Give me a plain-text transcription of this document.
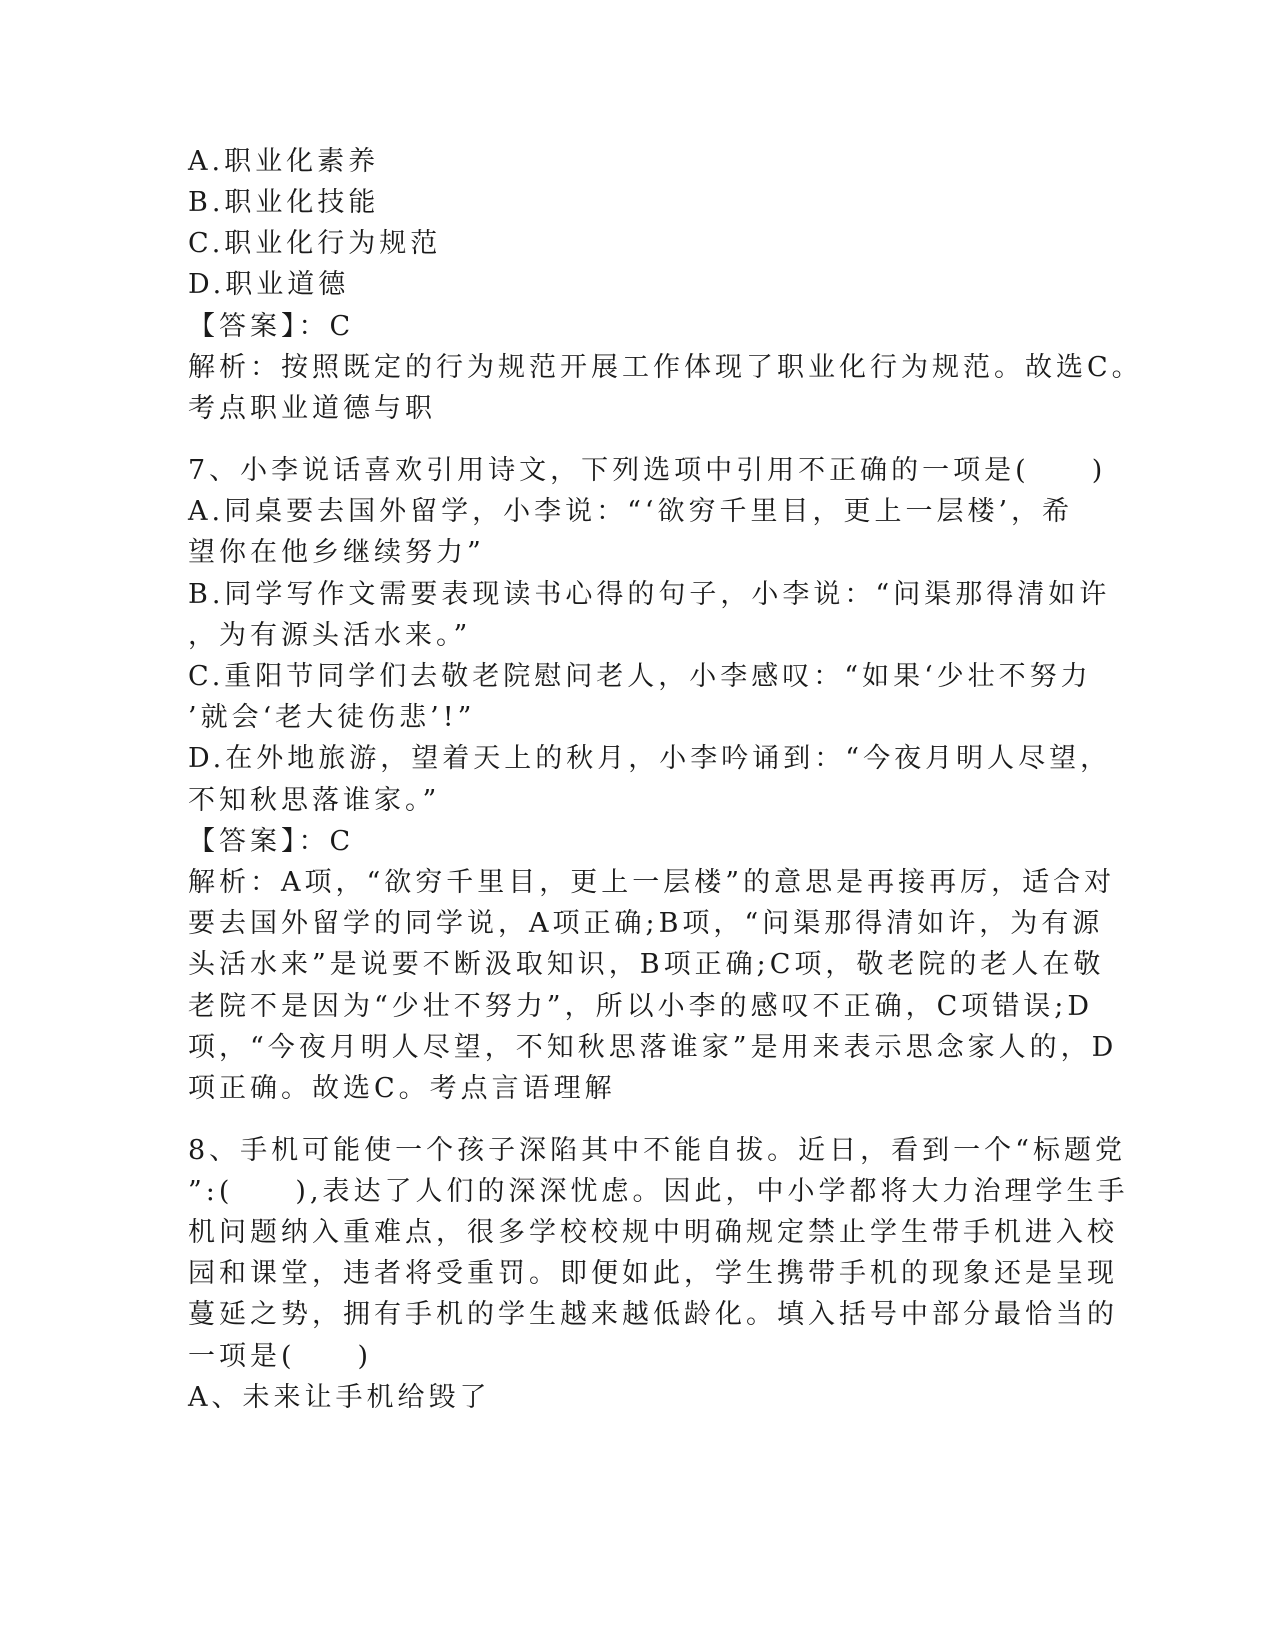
A.职业化素养
B.职业化技能
C.职业化行为规范
D.职业道德
【答案】：C
解析：按照既定的行为规范开展工作体现了职业化行为规范。故选C。
考点职业道德与职
7、小李说话喜欢引用诗文，下列选项中引用不正确的一项是(　　)
A.同桌要去国外留学，小李说：“‘欲穷千里目，更上一层楼’，希
望你在他乡继续努力”
B.同学写作文需要表现读书心得的句子，小李说：“问渠那得清如许
，为有源头活水来。”
C.重阳节同学们去敬老院慰问老人，小李感叹：“如果‘少壮不努力
’就会‘老大徒伤悲’!”
D.在外地旅游，望着天上的秋月，小李吟诵到：“今夜月明人尽望，
不知秋思落谁家。”
【答案】：C
解析：A项，“欲穷千里目，更上一层楼”的意思是再接再厉，适合对
要去国外留学的同学说，A项正确;B项，“问渠那得清如许，为有源
头活水来”是说要不断汲取知识，B项正确;C项，敬老院的老人在敬
老院不是因为“少壮不努力”，所以小李的感叹不正确，C项错误;D
项，“今夜月明人尽望，不知秋思落谁家”是用来表示思念家人的，D
项正确。故选C。考点言语理解
8、手机可能使一个孩子深陷其中不能自拔。近日，看到一个“标题党
”:(　　),表达了人们的深深忧虑。因此，中小学都将大力治理学生手
机问题纳入重难点，很多学校校规中明确规定禁止学生带手机进入校
园和课堂，违者将受重罚。即便如此，学生携带手机的现象还是呈现
蔓延之势，拥有手机的学生越来越低龄化。填入括号中部分最恰当的
一项是(　　)
A、未来让手机给毁了
